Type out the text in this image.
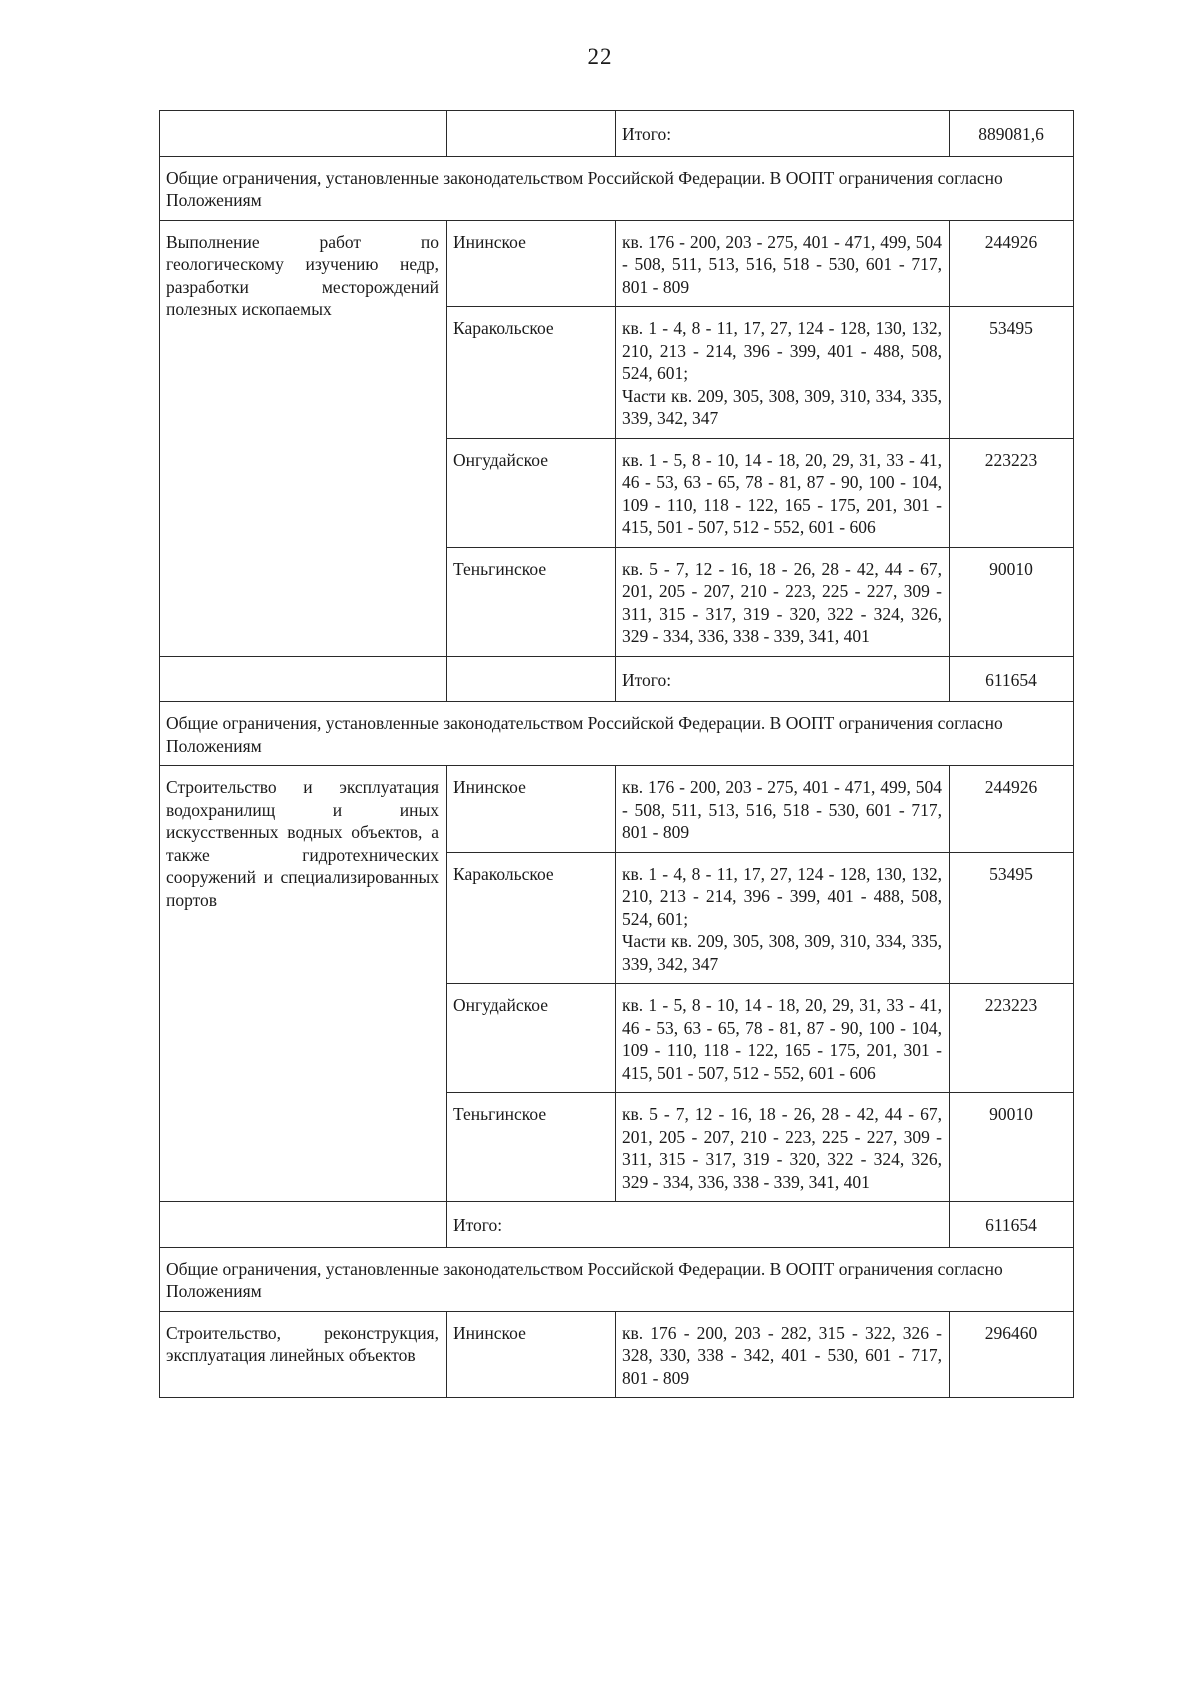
22
		Итого:	889081,6
Общие ограничения, установленные законодательством Российской Федерации. В ООПТ ограничения согласно Положениям			
Выполнение работ по геологическому изучению недр, разработки месторождений полезных ископаемых	Ининское	кв. 176 - 200, 203 - 275, 401 - 471, 499, 504 - 508, 511, 513, 516, 518 - 530, 601 - 717, 801 - 809	244926
	Каракольское	кв. 1 - 4, 8 - 11, 17, 27, 124 - 128, 130, 132, 210, 213 - 214, 396 - 399, 401 - 488, 508, 524, 601;
Части кв. 209, 305, 308, 309, 310, 334, 335, 339, 342, 347	53495
	Онгудайское	кв. 1 - 5, 8 - 10, 14 - 18, 20, 29, 31, 33 - 41, 46 - 53, 63 - 65, 78 - 81, 87 - 90, 100 - 104, 109 - 110, 118 - 122, 165 - 175, 201, 301 - 415, 501 - 507, 512 - 552, 601 - 606	223223
	Теньгинское	кв. 5 - 7, 12 - 16, 18 - 26, 28 - 42, 44 - 67, 201, 205 - 207, 210 - 223, 225 - 227, 309 - 311, 315 - 317, 319 - 320, 322 - 324, 326, 329 - 334, 336, 338 - 339, 341, 401	90010
		Итого:	611654
Общие ограничения, установленные законодательством Российской Федерации. В ООПТ ограничения согласно Положениям			
Строительство и эксплуатация водохранилищ и иных искусственных водных объектов, а также гидротехнических сооружений и специализированных портов	Ининское	кв. 176 - 200, 203 - 275, 401 - 471, 499, 504 - 508, 511, 513, 516, 518 - 530, 601 - 717, 801 - 809	244926
	Каракольское	кв. 1 - 4, 8 - 11, 17, 27, 124 - 128, 130, 132, 210, 213 - 214, 396 - 399, 401 - 488, 508, 524, 601;
Части кв. 209, 305, 308, 309, 310, 334, 335, 339, 342, 347	53495
	Онгудайское	кв. 1 - 5, 8 - 10, 14 - 18, 20, 29, 31, 33 - 41, 46 - 53, 63 - 65, 78 - 81, 87 - 90, 100 - 104, 109 - 110, 118 - 122, 165 - 175, 201, 301 - 415, 501 - 507, 512 - 552, 601 - 606	223223
	Теньгинское	кв. 5 - 7, 12 - 16, 18 - 26, 28 - 42, 44 - 67, 201, 205 - 207, 210 - 223, 225 - 227, 309 - 311, 315 - 317, 319 - 320, 322 - 324, 326, 329 - 334, 336, 338 - 339, 341, 401	90010
	Итого:		611654
Общие ограничения, установленные законодательством Российской Федерации. В ООПТ ограничения согласно Положениям			
Строительство, реконструкция, эксплуатация линейных объектов	Ининское	кв. 176 - 200, 203 - 282, 315 - 322, 326 - 328, 330, 338 - 342, 401 - 530, 601 - 717, 801 - 809	296460
